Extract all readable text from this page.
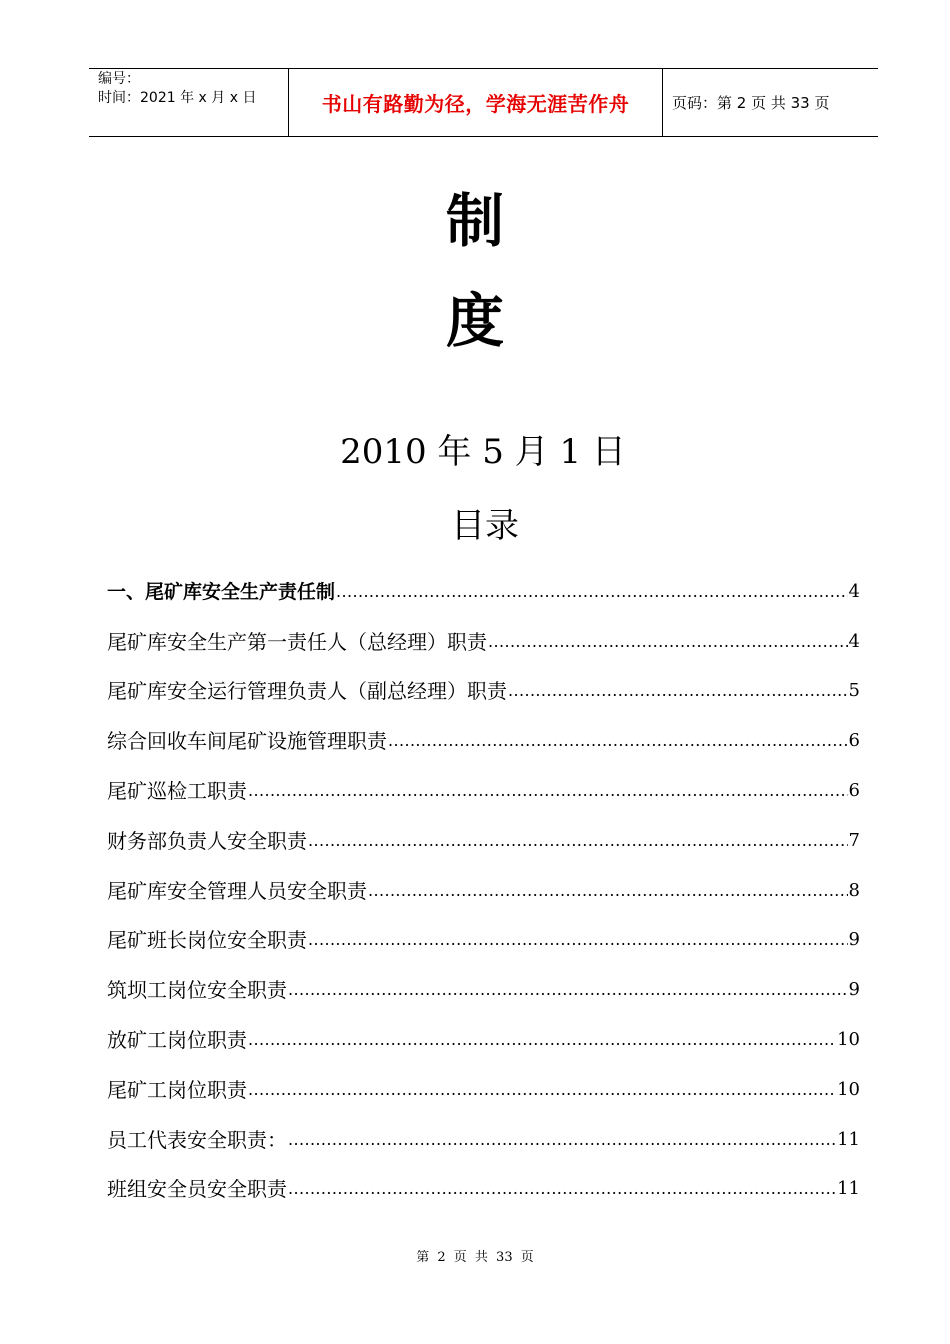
编号：
时间：2021 年 x 月 x 日	书山有路勤为径，学海无涯苦作舟	页码：第 2 页 共 33 页
制
度
2010 年 5 月 1 日
目录
一、尾矿库安全生产责任制 .....	4
尾矿库安全生产第一责任人（总经理）职责 .....	4
尾矿库安全运行管理负责人（副总经理）职责 .....	5
综合回收车间尾矿设施管理职责 .....	6
尾矿巡检工职责 .....	6
财务部负责人安全职责 .....	7
尾矿库安全管理人员安全职责 .....	8
尾矿班长岗位安全职责 .....	9
筑坝工岗位安全职责 .....	9
放矿工岗位职责 .....	10
尾矿工岗位职责 .....	10
员工代表安全职责： .....	11
班组安全员安全职责 .....	11
第 2 页 共 33 页
